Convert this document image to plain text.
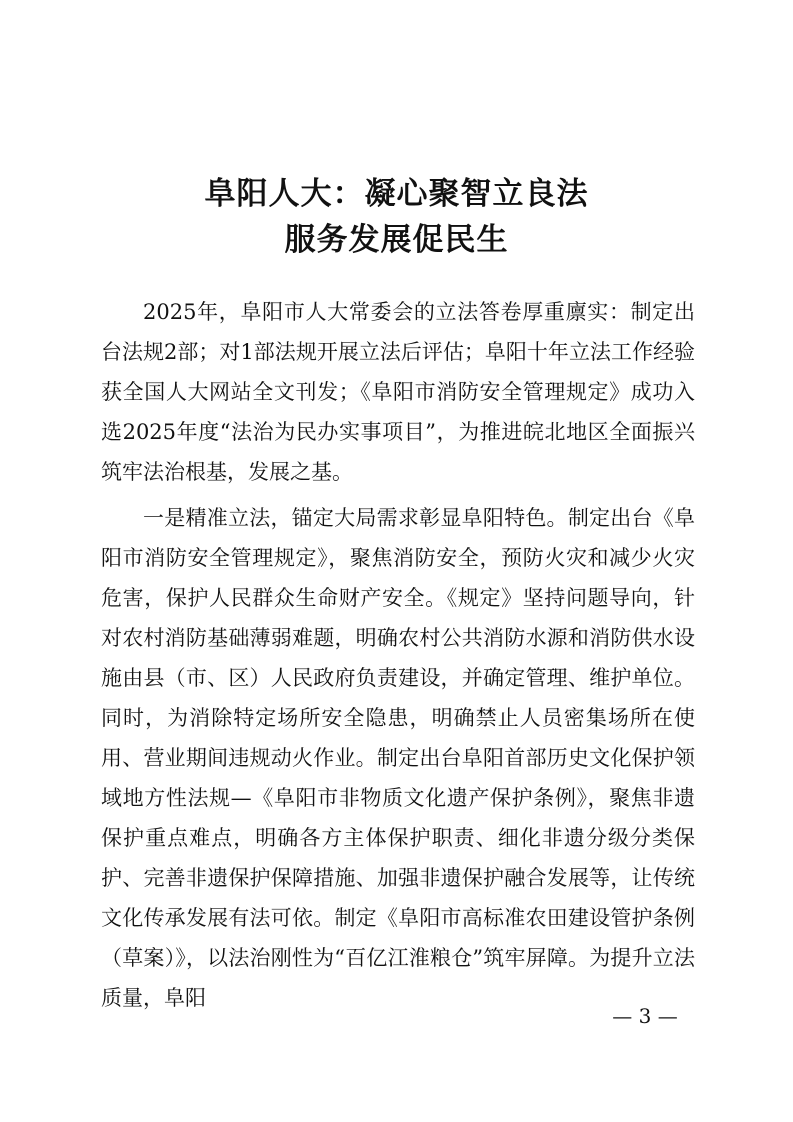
阜阳人大：凝心聚智立良法
服务发展促民生

2025年，阜阳市人大常委会的立法答卷厚重廪实：制定出台法规2部；对1部法规开展立法后评估；阜阳十年立法工作经验获全国人大网站全文刊发；《阜阳市消防安全管理规定》成功入选2025年度“法治为民办实事项目”，为推进皖北地区全面振兴筑牢法治根基，发展之基。

一是精准立法，锚定大局需求彰显阜阳特色。制定出台《阜阳市消防安全管理规定》，聚焦消防安全，预防火灾和减少火灾危害，保护人民群众生命财产安全。《规定》坚持问题导向，针对农村消防基础薄弱难题，明确农村公共消防水源和消防供水设施由县（市、区）人民政府负责建设，并确定管理、维护单位。同时，为消除特定场所安全隐患，明确禁止人员密集场所在使用、营业期间违规动火作业。制定出台阜阳首部历史文化保护领域地方性法规—《阜阳市非物质文化遗产保护条例》，聚焦非遗保护重点难点，明确各方主体保护职责、细化非遗分级分类保护、完善非遗保护保障措施、加强非遗保护融合发展等，让传统文化传承发展有法可依。制定《阜阳市高标准农田建设管护条例（草案）》，以法治刚性为“百亿江淮粮仓”筑牢屏障。为提升立法质量，阜阳

— 3 —
